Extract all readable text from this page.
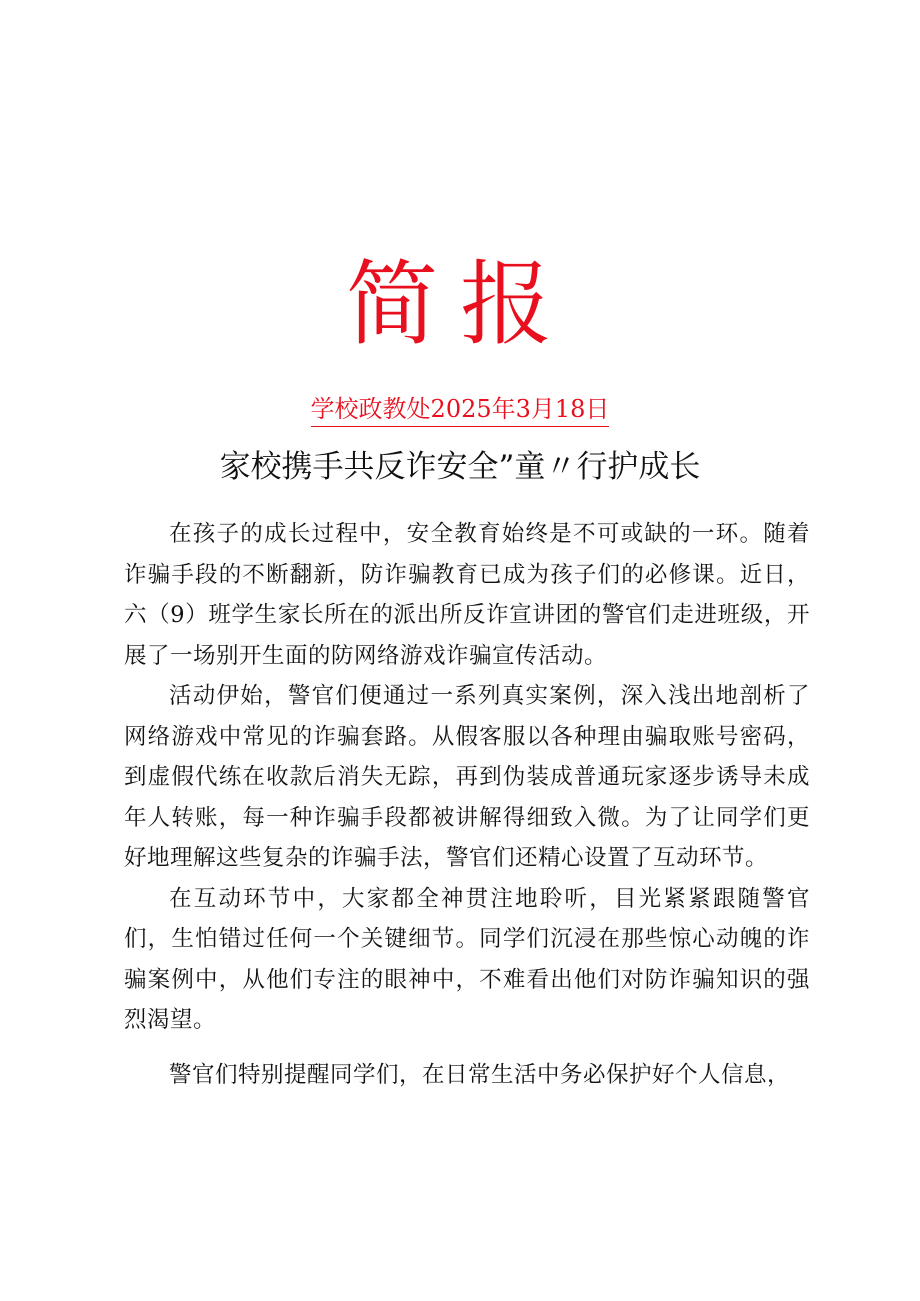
简报
学校政教处2025年3月18日
家校携手共反诈安全”童〃行护成长

在孩子的成长过程中，安全教育始终是不可或缺的一环。随着诈骗手段的不断翻新，防诈骗教育已成为孩子们的必修课。近日，六（9）班学生家长所在的派出所反诈宣讲团的警官们走进班级，开展了一场别开生面的防网络游戏诈骗宣传活动。

活动伊始，警官们便通过一系列真实案例，深入浅出地剖析了网络游戏中常见的诈骗套路。从假客服以各种理由骗取账号密码，到虚假代练在收款后消失无踪，再到伪装成普通玩家逐步诱导未成年人转账，每一种诈骗手段都被讲解得细致入微。为了让同学们更好地理解这些复杂的诈骗手法，警官们还精心设置了互动环节。

在互动环节中，大家都全神贯注地聆听，目光紧紧跟随警官们，生怕错过任何一个关键细节。同学们沉浸在那些惊心动魄的诈骗案例中，从他们专注的眼神中，不难看出他们对防诈骗知识的强烈渴望。

警官们特别提醒同学们，在日常生活中务必保护好个人信息，
